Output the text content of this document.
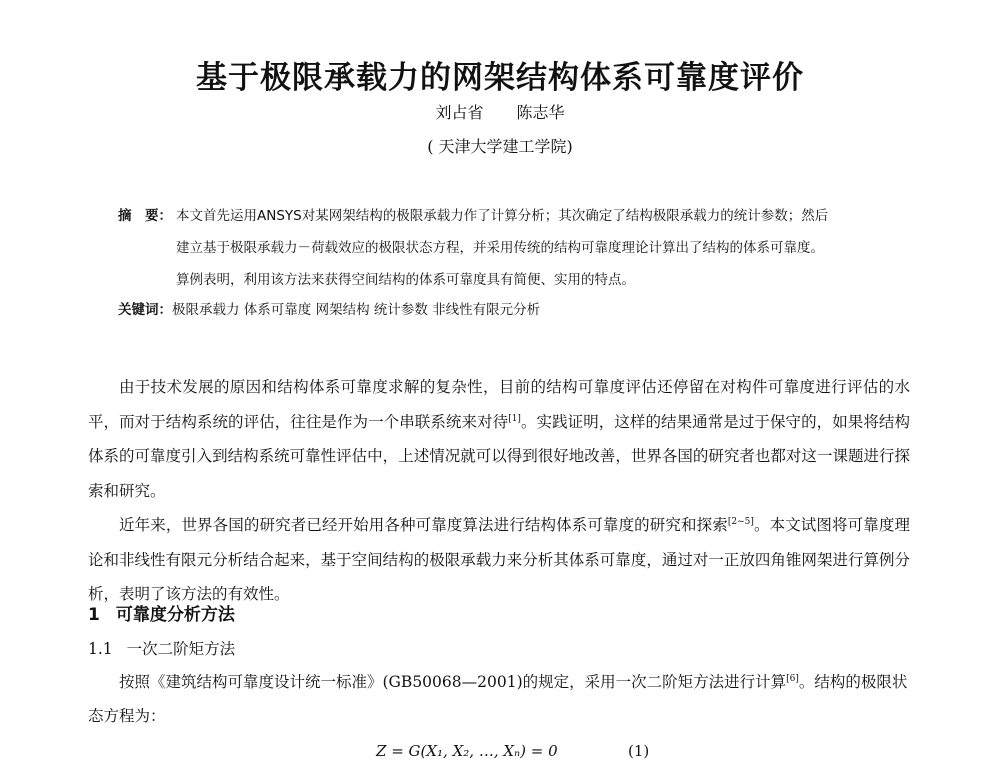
基于极限承载力的网架结构体系可靠度评价
刘占省 陈志华
( 天津大学建工学院)
摘　要： 本文首先运用ANSYS对某网架结构的极限承载力作了计算分析；其次确定了结构极限承载力的统计参数；然后
建立基于极限承载力－荷载效应的极限状态方程，并采用传统的结构可靠度理论计算出了结构的体系可靠度。
算例表明，利用该方法来获得空间结构的体系可靠度具有简便、实用的特点。
关键词：极限承载力 体系可靠度 网架结构 统计参数 非线性有限元分析

由于技术发展的原因和结构体系可靠度求解的复杂性，目前的结构可靠度评估还停留在对构件可靠度进行评估的水平，而对于结构系统的评估，往往是作为一个串联系统来对待[1]。实践证明，这样的结果通常是过于保守的，如果将结构体系的可靠度引入到结构系统可靠性评估中，上述情况就可以得到很好地改善，世界各国的研究者也都对这一课题进行探索和研究。

近年来，世界各国的研究者已经开始用各种可靠度算法进行结构体系可靠度的研究和探索[2~5]。本文试图将可靠度理论和非线性有限元分析结合起来，基于空间结构的极限承载力来分析其体系可靠度，通过对一正放四角锥网架进行算例分析，表明了该方法的有效性。

1 可靠度分析方法
1.1 一次二阶矩方法

按照《建筑结构可靠度设计统一标准》(GB50068—2001)的规定，采用一次二阶矩方法进行计算[6]。结构的极限状态方程为：

Z = G(X₁, X₂, …, Xₙ) = 0	(1)
